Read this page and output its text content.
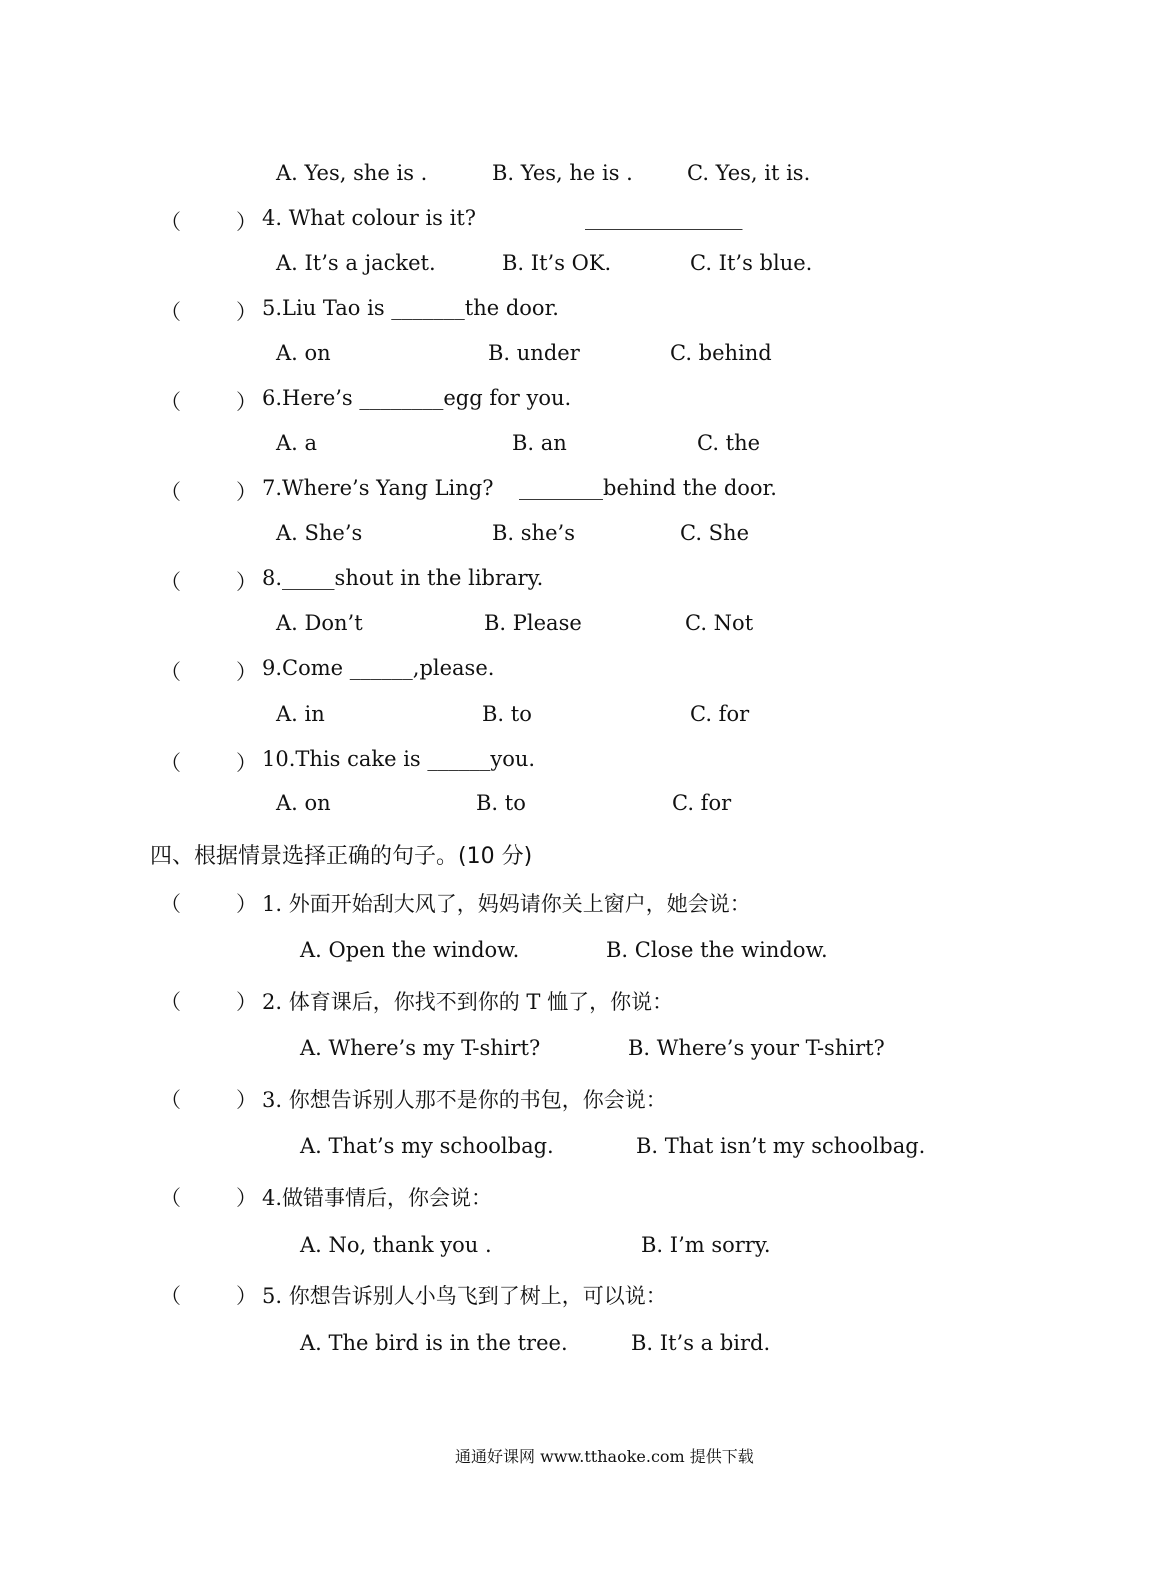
A. Yes, she is .	B. Yes, he is .	C. Yes, it is.
（	） 4. What colour is it?	_______________
A. It’s a jacket.	B. It’s OK.	C. It’s blue.
（	） 5.Liu Tao is _______the door.
A. on	B. under	C. behind
（	） 6.Here’s ________egg for you.
A. a	B. an	C. the
（	） 7.Where’s Yang Ling? ________behind the door.
A. She’s	B. she’s	C. She
（	） 8._____shout in the library.
A. Don’t	B. Please	C. Not
（	） 9.Come ______,please.
A. in	B. to	C. for
（	） 10.This cake is ______you.
A. on	B. to	C. for
四、根据情景选择正确的句子。(10 分)
（	） 1. 外面开始刮大风了，妈妈请你关上窗户，她会说：
A. Open the window.	B. Close the window.
（	） 2. 体育课后，你找不到你的 T 恤了，你说：
A. Where’s my T-shirt?	B. Where’s your T-shirt?
（	） 3. 你想告诉别人那不是你的书包，你会说：
A. That’s my schoolbag.	B. That isn’t my schoolbag.
（	） 4.做错事情后，你会说：
A. No, thank you .	B. I’m sorry.
（	） 5. 你想告诉别人小鸟飞到了树上，可以说：
A. The bird is in the tree.	B. It’s a bird.
通通好课网 www.tthaoke.com 提供下载
